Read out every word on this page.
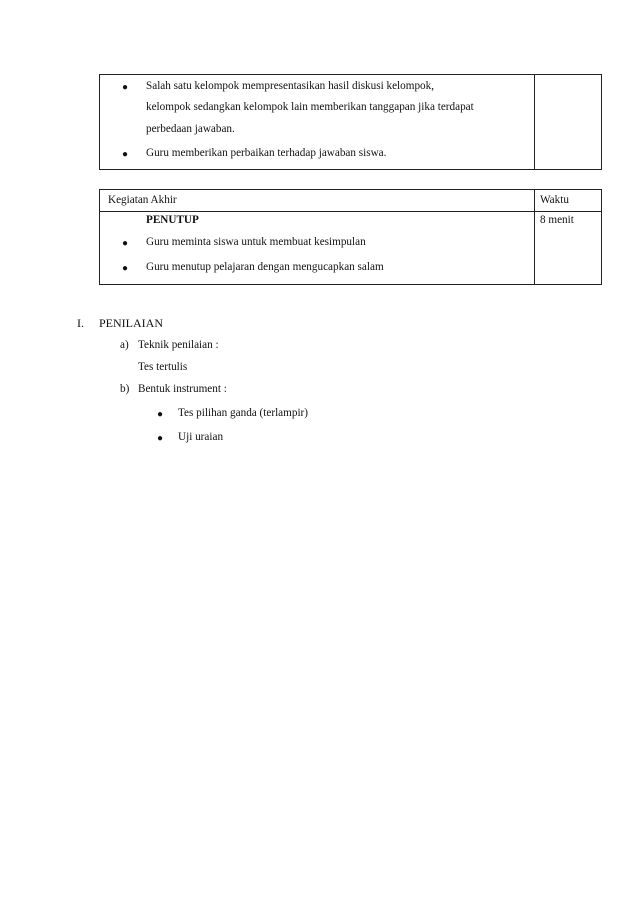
● Salah satu kelompok mempresentasikan hasil diskusi kelompok,
kelompok sedangkan kelompok lain memberikan tanggapan jika terdapat
perbedaan jawaban.
● Guru memberikan perbaikan terhadap jawaban siswa.

Kegiatan Akhir	Waktu

PENUTUP
● Guru meminta siswa untuk membuat kesimpulan
● Guru menutup pelajaran dengan mengucapkan salam	8 menit
I. PENILAIAN
a) Teknik penilaian :
Tes tertulis
b) Bentuk instrument :
● Tes pilihan ganda (terlampir)
● Uji uraian
